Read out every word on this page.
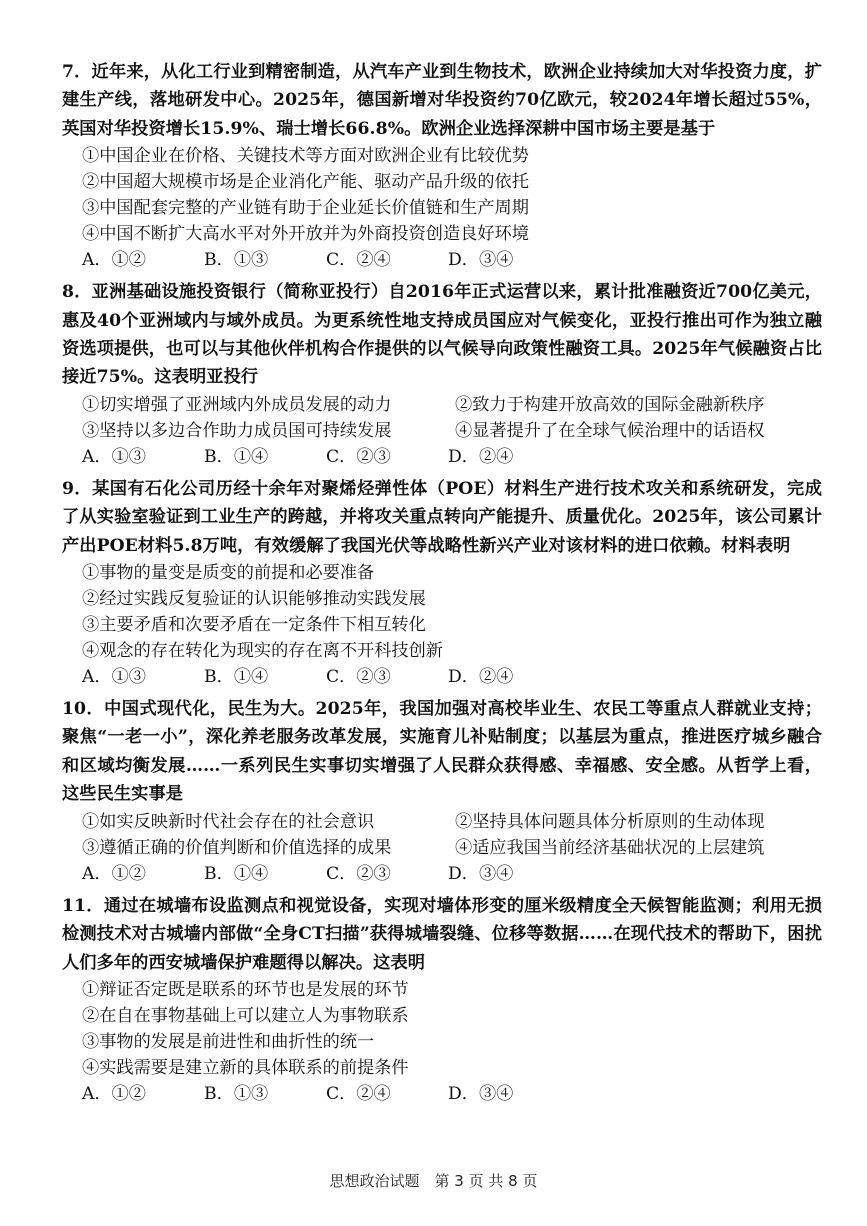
7．近年来，从化工行业到精密制造，从汽车产业到生物技术，欧洲企业持续加大对华投资力度，扩建生产线，落地研发中心。2025年，德国新增对华投资约70亿欧元，较2024年增长超过55%，英国对华投资增长15.9%、瑞士增长66.8%。欧洲企业选择深耕中国市场主要是基于
①中国企业在价格、关键技术等方面对欧洲企业有比较优势
②中国超大规模市场是企业消化产能、驱动产品升级的依托
③中国配套完整的产业链有助于企业延长价值链和生产周期
④中国不断扩大高水平对外开放并为外商投资创造良好环境
A．①②	B．①③	C．②④	D．③④
8．亚洲基础设施投资银行（简称亚投行）自2016年正式运营以来，累计批准融资近700亿美元，惠及40个亚洲域内与域外成员。为更系统性地支持成员国应对气候变化，亚投行推出可作为独立融资选项提供，也可以与其他伙伴机构合作提供的以气候导向政策性融资工具。2025年气候融资占比接近75%。这表明亚投行
①切实增强了亚洲域内外成员发展的动力	②致力于构建开放高效的国际金融新秩序
③坚持以多边合作助力成员国可持续发展	④显著提升了在全球气候治理中的话语权
A．①③	B．①④	C．②③	D．②④
9．某国有石化公司历经十余年对聚烯烃弹性体（POE）材料生产进行技术攻关和系统研发，完成了从实验室验证到工业生产的跨越，并将攻关重点转向产能提升、质量优化。2025年，该公司累计产出POE材料5.8万吨，有效缓解了我国光伏等战略性新兴产业对该材料的进口依赖。材料表明
①事物的量变是质变的前提和必要准备
②经过实践反复验证的认识能够推动实践发展
③主要矛盾和次要矛盾在一定条件下相互转化
④观念的存在转化为现实的存在离不开科技创新
A．①③	B．①④	C．②③	D．②④
10．中国式现代化，民生为大。2025年，我国加强对高校毕业生、农民工等重点人群就业支持；聚焦“一老一小”，深化养老服务改革发展，实施育儿补贴制度；以基层为重点，推进医疗城乡融合和区域均衡发展……一系列民生实事切实增强了人民群众获得感、幸福感、安全感。从哲学上看，这些民生实事是
①如实反映新时代社会存在的社会意识	②坚持具体问题具体分析原则的生动体现
③遵循正确的价值判断和价值选择的成果	④适应我国当前经济基础状况的上层建筑
A．①②	B．①④	C．②③	D．③④
11．通过在城墙布设监测点和视觉设备，实现对墙体形变的厘米级精度全天候智能监测；利用无损检测技术对古城墙内部做“全身CT扫描”获得城墙裂缝、位移等数据……在现代技术的帮助下，困扰人们多年的西安城墙保护难题得以解决。这表明
①辩证否定既是联系的环节也是发展的环节
②在自在事物基础上可以建立人为事物联系
③事物的发展是前进性和曲折性的统一
④实践需要是建立新的具体联系的前提条件
A．①②	B．①③	C．②④	D．③④
思想政治试题　第 3 页 共 8 页
